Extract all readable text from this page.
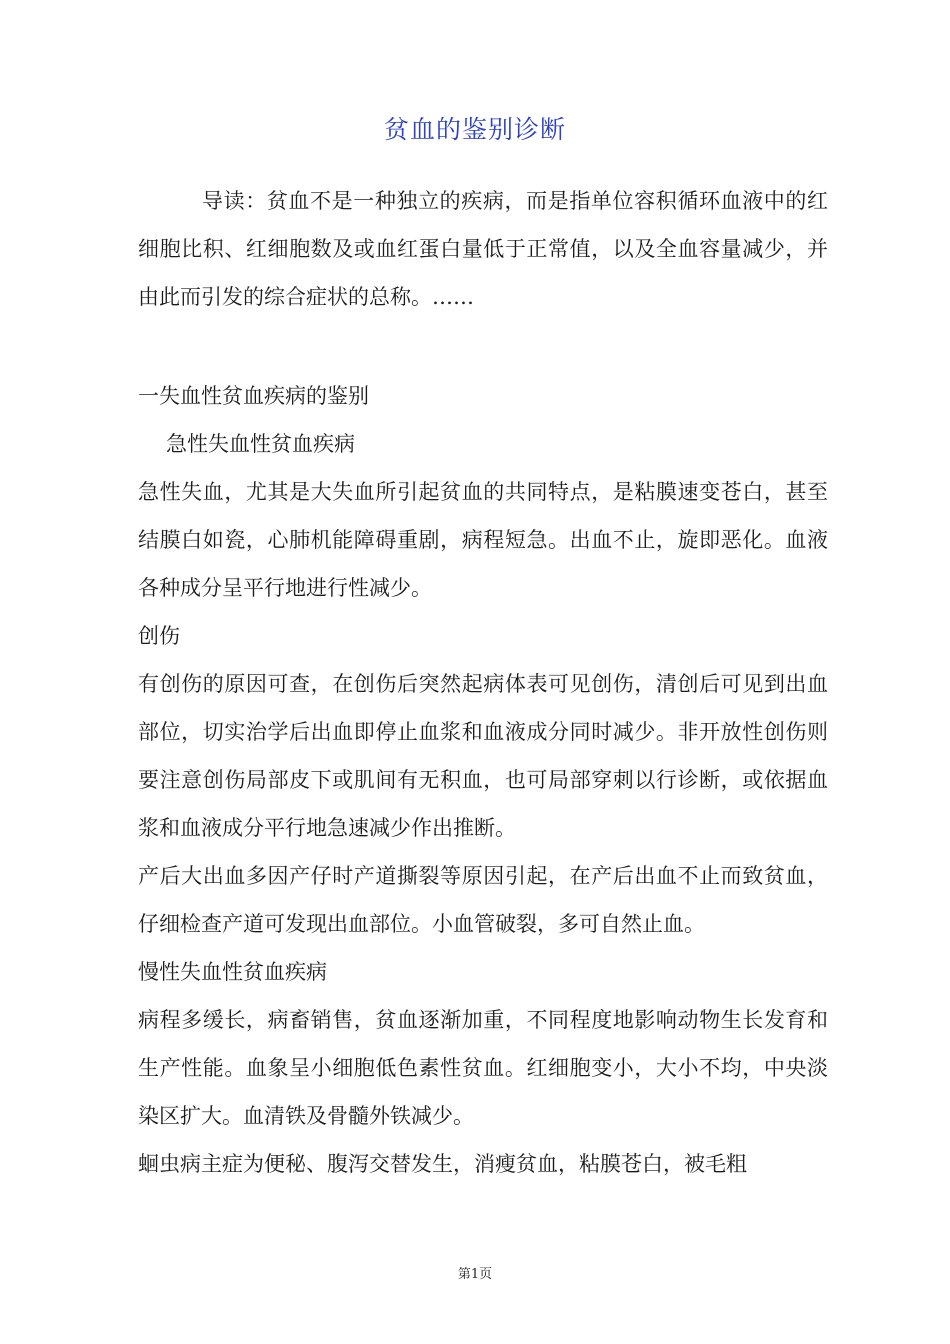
贫血的鉴别诊断

导读：贫血不是一种独立的疾病，而是指单位容积循环血液中的红细胞比积、红细胞数及或血红蛋白量低于正常值，以及全血容量减少，并由此而引发的综合症状的总称。……

一失血性贫血疾病的鉴别

急性失血性贫血疾病

急性失血，尤其是大失血所引起贫血的共同特点，是粘膜速变苍白，甚至结膜白如瓷，心肺机能障碍重剧，病程短急。出血不止，旋即恶化。血液各种成分呈平行地进行性减少。

创伤

有创伤的原因可查，在创伤后突然起病体表可见创伤，清创后可见到出血部位，切实治学后出血即停止血浆和血液成分同时减少。非开放性创伤则要注意创伤局部皮下或肌间有无积血，也可局部穿刺以行诊断，或依据血浆和血液成分平行地急速减少作出推断。

产后大出血多因产仔时产道撕裂等原因引起，在产后出血不止而致贫血，仔细检查产道可发现出血部位。小血管破裂，多可自然止血。

慢性失血性贫血疾病

病程多缓长，病畜销售，贫血逐渐加重，不同程度地影响动物生长发育和生产性能。血象呈小细胞低色素性贫血。红细胞变小，大小不均，中央淡染区扩大。血清铁及骨髓外铁减少。

蛔虫病主症为便秘、腹泻交替发生，消瘦贫血，粘膜苍白，被毛粗

第1页
